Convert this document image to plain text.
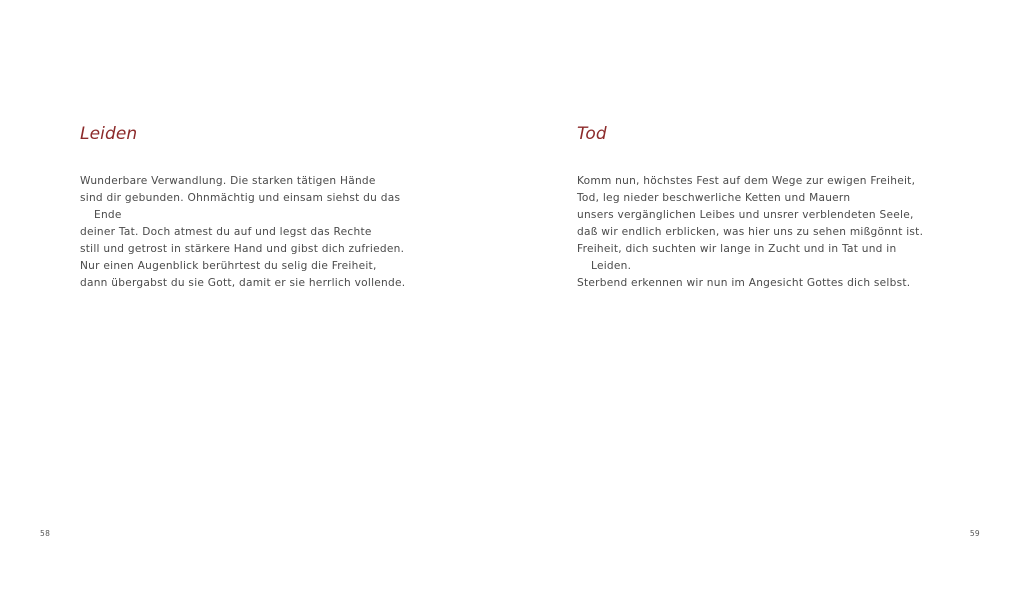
Leiden
Wunderbare Verwandlung. Die starken tätigen Hände
sind dir gebunden. Ohnmächtig und einsam siehst du das
Ende
deiner Tat. Doch atmest du auf und legst das Rechte
still und getrost in stärkere Hand und gibst dich zufrieden.
Nur einen Augenblick berührtest du selig die Freiheit,
dann übergabst du sie Gott, damit er sie herrlich vollende.
58
Tod
Komm nun, höchstes Fest auf dem Wege zur ewigen Freiheit,
Tod, leg nieder beschwerliche Ketten und Mauern
unsers vergänglichen Leibes und unsrer verblendeten Seele,
daß wir endlich erblicken, was hier uns zu sehen mißgönnt ist.
Freiheit, dich suchten wir lange in Zucht und in Tat und in
Leiden.
Sterbend erkennen wir nun im Angesicht Gottes dich selbst.
59
